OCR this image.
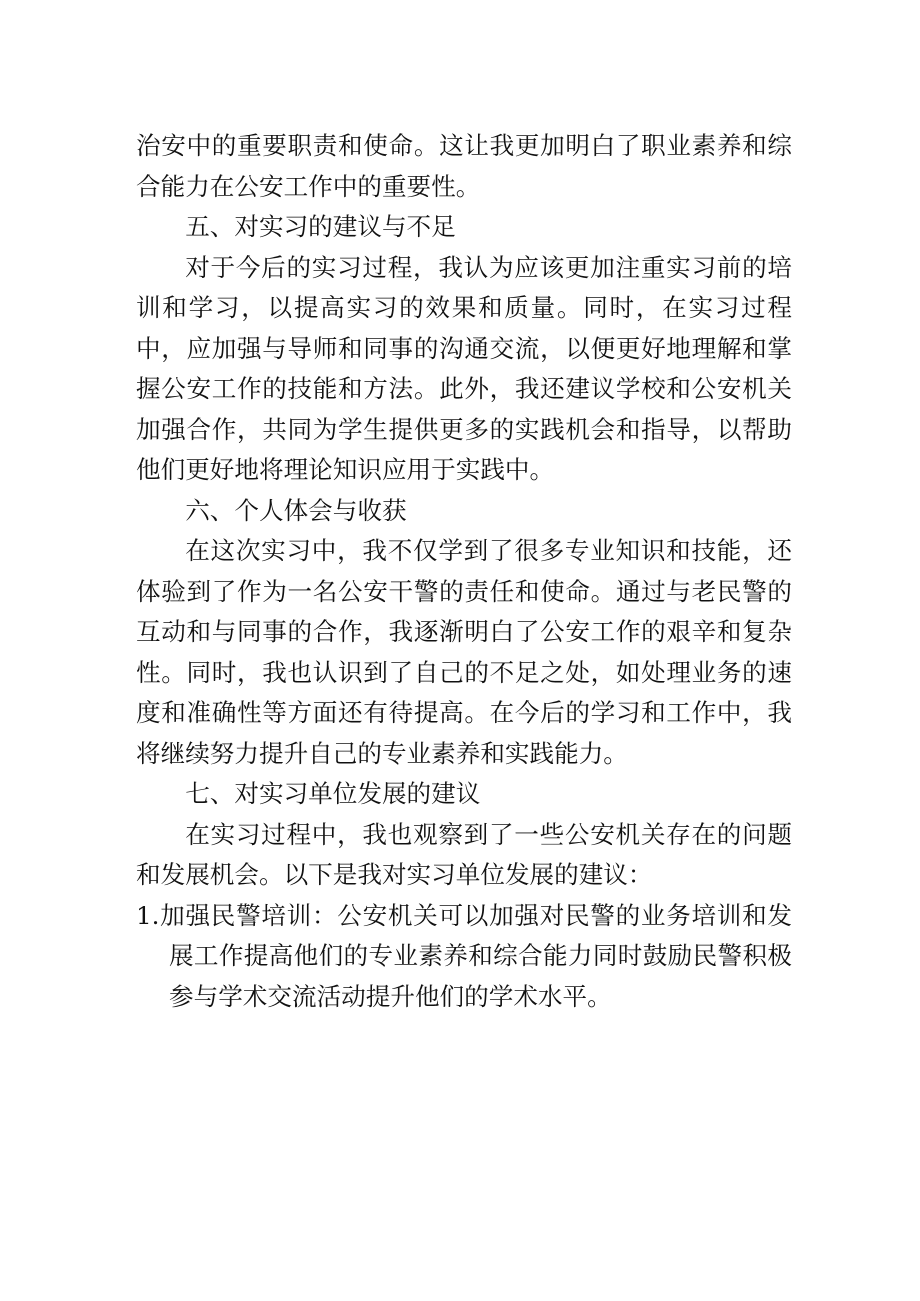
治安中的重要职责和使命。这让我更加明白了职业素养和综合能力在公安工作中的重要性。

五、对实习的建议与不足

对于今后的实习过程，我认为应该更加注重实习前的培训和学习，以提高实习的效果和质量。同时，在实习过程中，应加强与导师和同事的沟通交流，以便更好地理解和掌握公安工作的技能和方法。此外，我还建议学校和公安机关加强合作，共同为学生提供更多的实践机会和指导，以帮助他们更好地将理论知识应用于实践中。

六、个人体会与收获

在这次实习中，我不仅学到了很多专业知识和技能，还体验到了作为一名公安干警的责任和使命。通过与老民警的互动和与同事的合作，我逐渐明白了公安工作的艰辛和复杂性。同时，我也认识到了自己的不足之处，如处理业务的速度和准确性等方面还有待提高。在今后的学习和工作中，我将继续努力提升自己的专业素养和实践能力。

七、对实习单位发展的建议

在实习过程中，我也观察到了一些公安机关存在的问题和发展机会。以下是我对实习单位发展的建议：

1.加强民警培训：公安机关可以加强对民警的业务培训和发展工作提高他们的专业素养和综合能力同时鼓励民警积极参与学术交流活动提升他们的学术水平。
